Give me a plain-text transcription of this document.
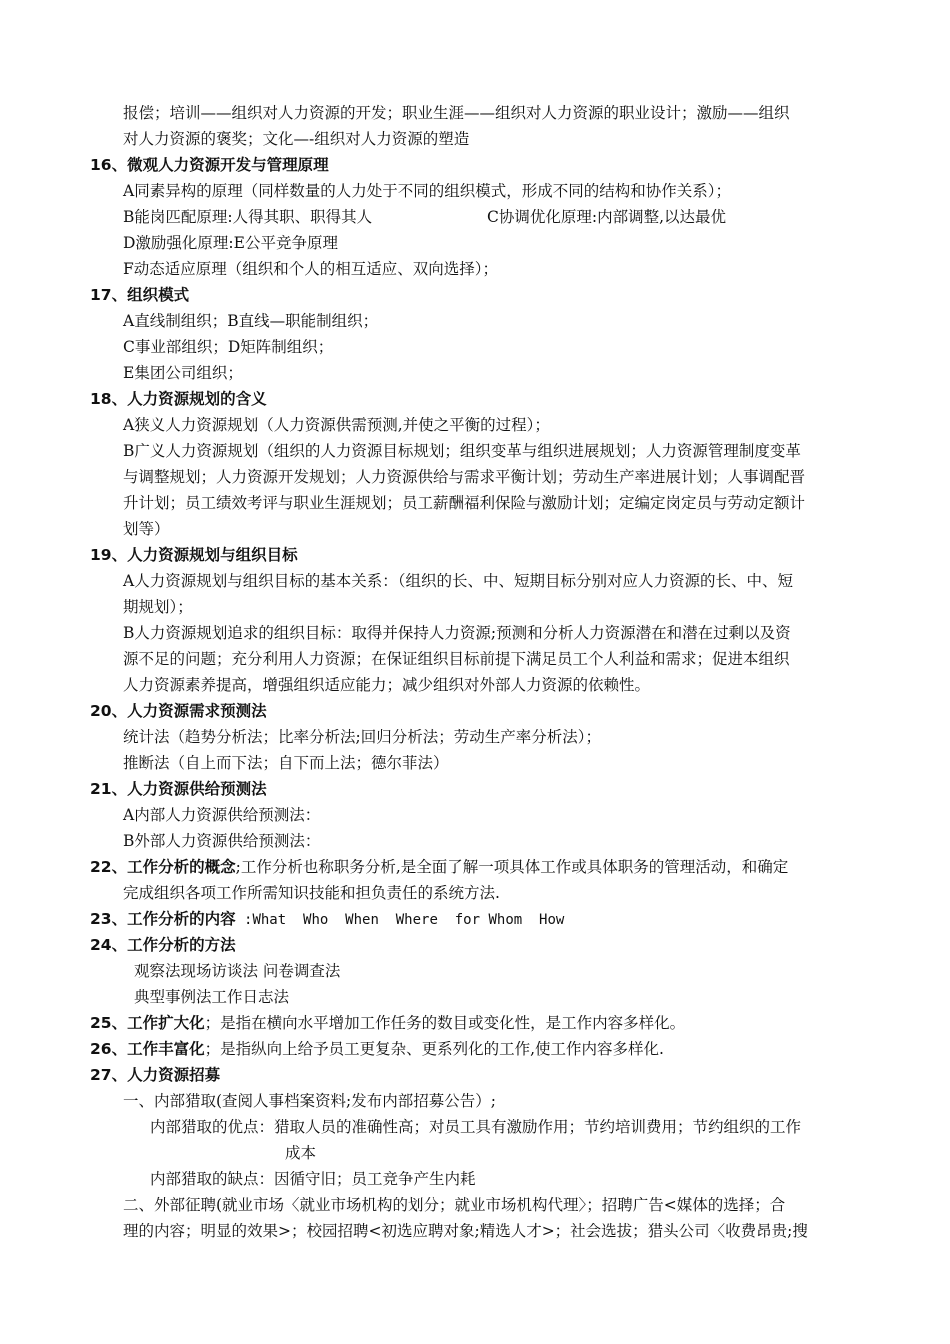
报偿；培训——组织对人力资源的开发；职业生涯——组织对人力资源的职业设计；激励——组织
对人力资源的褒奖；文化—-组织对人力资源的塑造
16、微观人力资源开发与管理原理
A同素异构的原理（同样数量的人力处于不同的组织模式，形成不同的结构和协作关系）；
B能岗匹配原理:人得其职、职得其人	C协调优化原理:内部调整,以达最优
D激励强化原理:E公平竞争原理
F动态适应原理（组织和个人的相互适应、双向选择）；
17、组织模式
A直线制组织；B直线—职能制组织；
C事业部组织；D矩阵制组织；
E集团公司组织；
18、人力资源规划的含义
A狭义人力资源规划（人力资源供需预测,并使之平衡的过程）；
B广义人力资源规划（组织的人力资源目标规划；组织变革与组织进展规划；人力资源管理制度变革
与调整规划；人力资源开发规划；人力资源供给与需求平衡计划；劳动生产率进展计划；人事调配晋
升计划；员工绩效考评与职业生涯规划；员工薪酬福利保险与激励计划；定编定岗定员与劳动定额计
划等）
19、人力资源规划与组织目标
A人力资源规划与组织目标的基本关系：（组织的长、中、短期目标分别对应人力资源的长、中、短
期规划）；
B人力资源规划追求的组织目标：取得并保持人力资源;预测和分析人力资源潜在和潜在过剩以及资
源不足的问题；充分利用人力资源；在保证组织目标前提下满足员工个人利益和需求；促进本组织
人力资源素养提高，增强组织适应能力；减少组织对外部人力资源的依赖性。
20、人力资源需求预测法
统计法（趋势分析法；比率分析法;回归分析法；劳动生产率分析法）；
推断法（自上而下法；自下而上法；德尔菲法）
21、人力资源供给预测法
A内部人力资源供给预测法：
B外部人力资源供给预测法：
22、工作分析的概念;工作分析也称职务分析,是全面了解一项具体工作或具体职务的管理活动，和确定
完成组织各项工作所需知识技能和担负责任的系统方法.
23、工作分析的内容 :What  Who  When  Where  for Whom  How
24、工作分析的方法
观察法现场访谈法 问卷调查法
典型事例法工作日志法
25、工作扩大化；是指在横向水平增加工作任务的数目或变化性，是工作内容多样化。
26、工作丰富化；是指纵向上给予员工更复杂、更系列化的工作,使工作内容多样化.
27、人力资源招募
一、内部猎取(查阅人事档案资料;发布内部招募公告）;
内部猎取的优点：猎取人员的准确性高；对员工具有激励作用；节约培训费用；节约组织的工作
成本
内部猎取的缺点：因循守旧；员工竞争产生内耗
二、外部征聘(就业市场〈就业市场机构的划分；就业市场机构代理〉；招聘广告<媒体的选择；合
理的内容；明显的效果>；校园招聘<初选应聘对象;精选人才>；社会选拔；猎头公司〈收费昂贵;搜
